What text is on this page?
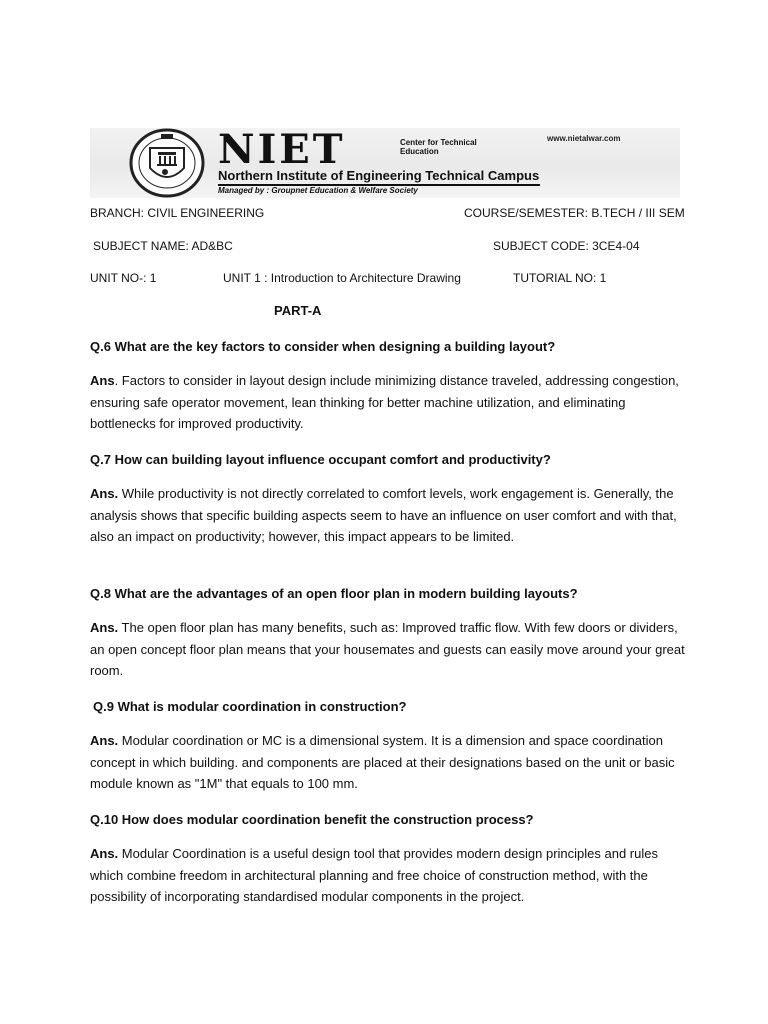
NIET	Center for Technical Education
Northern Institute of Engineering Technical Campus
Managed by : Groupnet Education & Welfare Society
www.nietalwar.com
BRANCH: CIVIL ENGINEERING	COURSE/SEMESTER: B.TECH / III SEM
SUBJECT NAME: AD&BC	SUBJECT CODE: 3CE4-04
UNIT NO-: 1	UNIT 1 : Introduction to Architecture Drawing	TUTORIAL NO: 1
PART-A

Q.6 What are the key factors to consider when designing a building layout?

Ans. Factors to consider in layout design include minimizing distance traveled, addressing congestion, ensuring safe operator movement, lean thinking for better machine utilization, and eliminating bottlenecks for improved productivity.

Q.7 How can building layout influence occupant comfort and productivity?

Ans. While productivity is not directly correlated to comfort levels, work engagement is. Generally, the analysis shows that specific building aspects seem to have an influence on user comfort and with that, also an impact on productivity; however, this impact appears to be limited.

Q.8 What are the advantages of an open floor plan in modern building layouts?

Ans. The open floor plan has many benefits, such as: Improved traffic flow. With few doors or dividers, an open concept floor plan means that your housemates and guests can easily move around your great room.

Q.9 What is modular coordination in construction?

Ans. Modular coordination or MC is a dimensional system. It is a dimension and space coordination concept in which building. and components are placed at their designations based on the unit or basic module known as "1M" that equals to 100 mm.

Q.10 How does modular coordination benefit the construction process?

Ans. Modular Coordination is a useful design tool that provides modern design principles and rules which combine freedom in architectural planning and free choice of construction method, with the possibility of incorporating standardised modular components in the project.
